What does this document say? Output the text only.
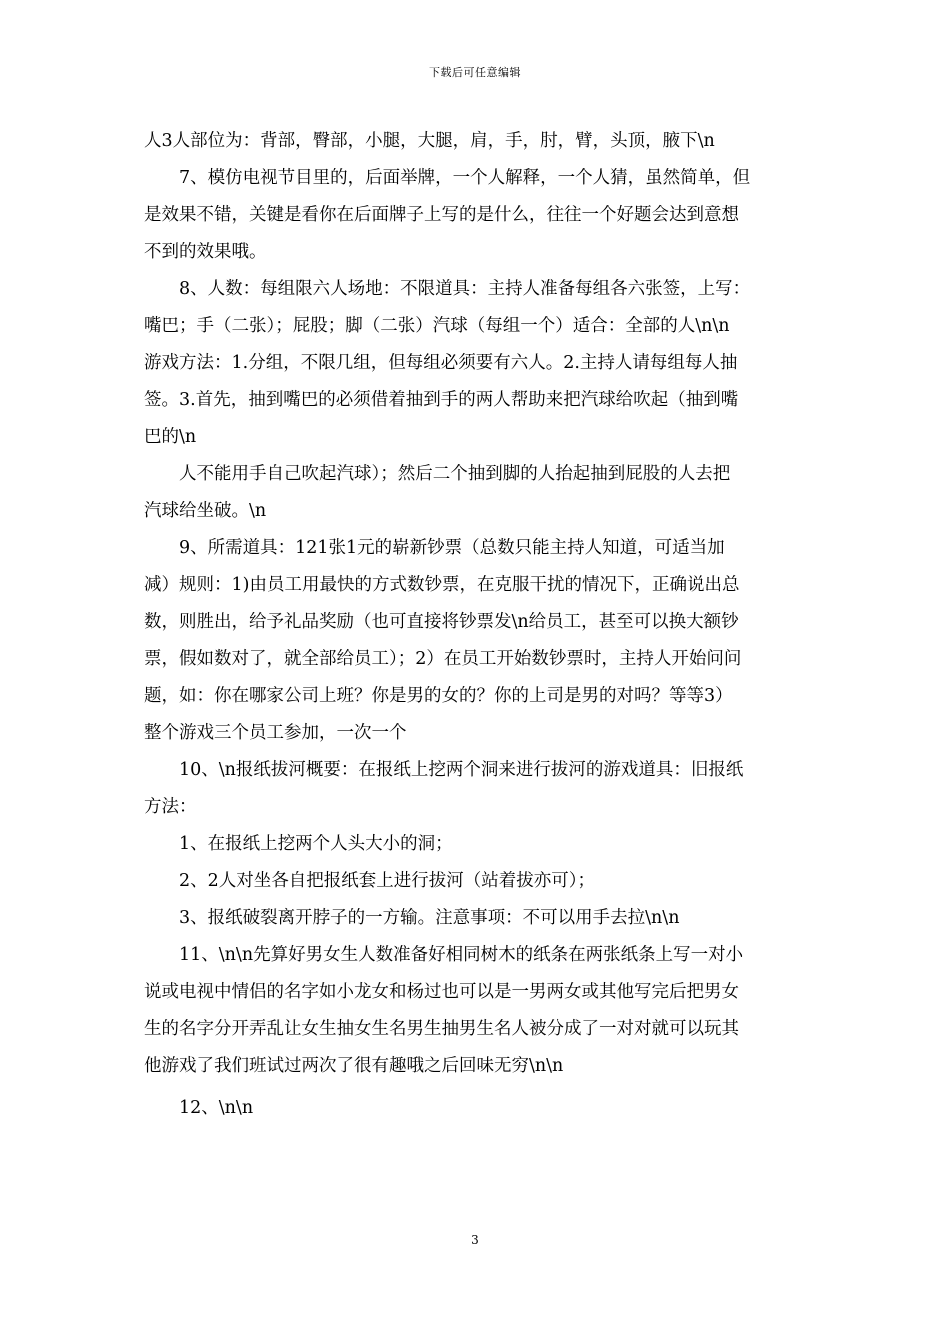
下载后可任意编辑
人3人部位为：背部，臀部，小腿，大腿，肩，手，肘，臂，头顶，腋下\n
7、模仿电视节目里的，后面举牌，一个人解释，一个人猜，虽然简单，但
是效果不错，关键是看你在后面牌子上写的是什么，往往一个好题会达到意想
不到的效果哦。
8、人数：每组限六人场地：不限道具：主持人准备每组各六张签，上写：
嘴巴；手（二张）；屁股；脚（二张）汽球（每组一个）适合：全部的人\n\n
游戏方法：1.分组，不限几组，但每组必须要有六人。2.主持人请每组每人抽
签。3.首先，抽到嘴巴的必须借着抽到手的两人帮助来把汽球给吹起（抽到嘴
巴的\n
人不能用手自己吹起汽球）；然后二个抽到脚的人抬起抽到屁股的人去把
汽球给坐破。\n
9、所需道具：121张1元的崭新钞票（总数只能主持人知道，可适当加
减）规则：1)由员工用最快的方式数钞票，在克服干扰的情况下，正确说出总
数，则胜出，给予礼品奖励（也可直接将钞票发\n给员工，甚至可以换大额钞
票，假如数对了，就全部给员工）；2）在员工开始数钞票时，主持人开始问问
题，如：你在哪家公司上班？你是男的女的？你的上司是男的对吗？等等3）
整个游戏三个员工参加，一次一个
10、\n报纸拔河概要：在报纸上挖两个洞来进行拔河的游戏道具：旧报纸
方法：
1、在报纸上挖两个人头大小的洞；
2、2人对坐各自把报纸套上进行拔河（站着拔亦可）；
3、报纸破裂离开脖子的一方输。注意事项：不可以用手去拉\n\n
11、\n\n先算好男女生人数准备好相同树木的纸条在两张纸条上写一对小
说或电视中情侣的名字如小龙女和杨过也可以是一男两女或其他写完后把男女
生的名字分开弄乱让女生抽女生名男生抽男生名人被分成了一对对就可以玩其
他游戏了我们班试过两次了很有趣哦之后回味无穷\n\n
12、\n\n
3
